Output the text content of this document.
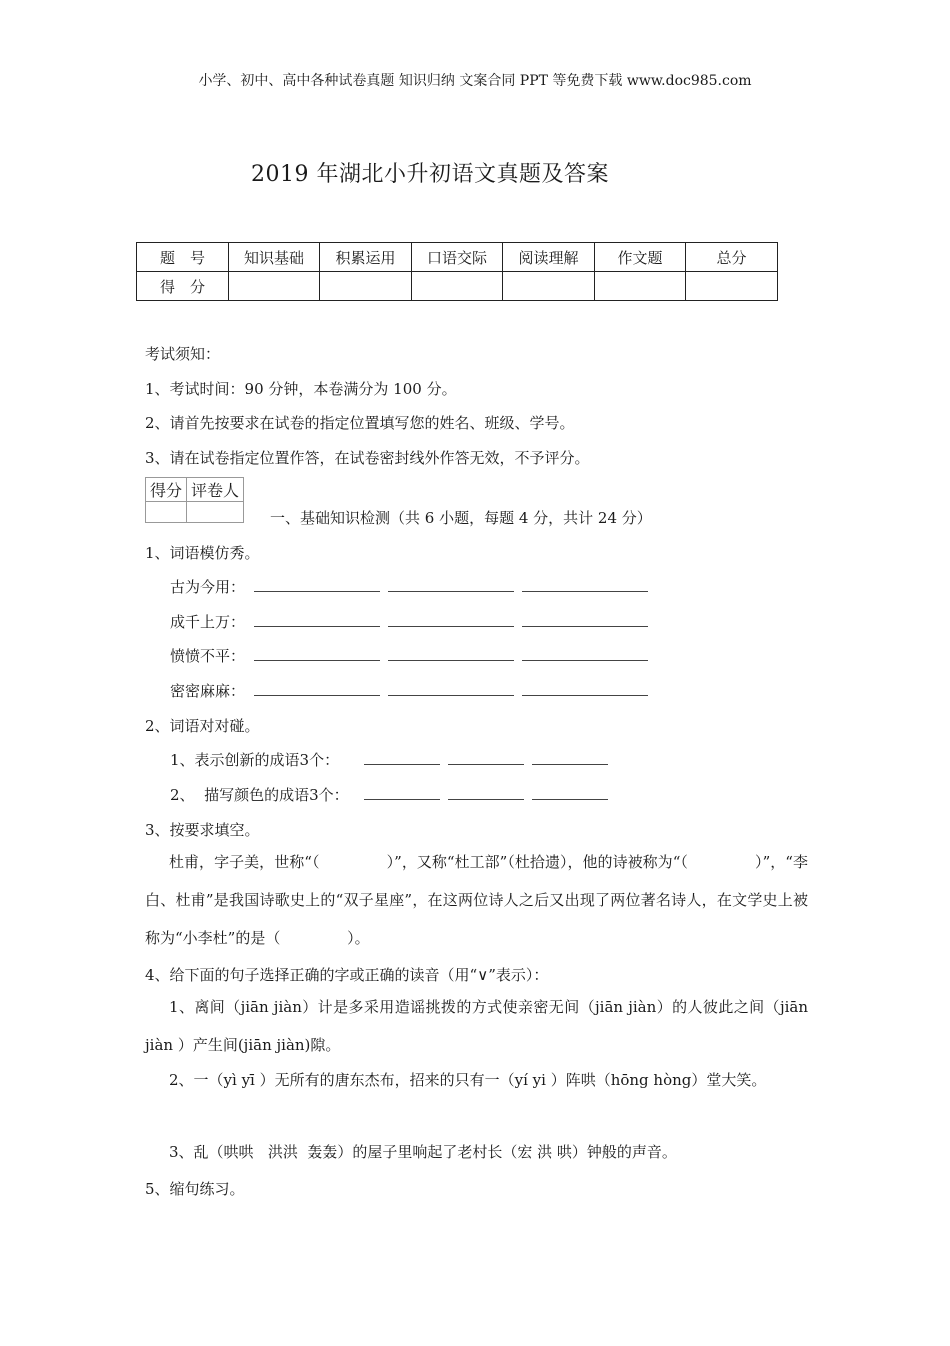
小学、初中、高中各种试卷真题 知识归纳 文案合同 PPT 等免费下载 www.doc985.com
2019 年湖北小升初语文真题及答案
题　号	知识基础	积累运用	口语交际	阅读理解	作文题	总分
得　分						
考试须知：
1、考试时间：90 分钟，本卷满分为 100 分。
2、请首先按要求在试卷的指定位置填写您的姓名、班级、学号。
3、请在试卷指定位置作答，在试卷密封线外作答无效，不予评分。
得分	评卷人

一、基础知识检测（共 6 小题，每题 4 分，共计 24 分）
1、词语模仿秀。
古为今用：
成千上万：
愤愤不平：
密密麻麻：
2、词语对对碰。
1、表示创新的成语3个：
2、  描写颜色的成语3个：
3、按要求填空。
杜甫，字子美，世称“（              ）”，又称“杜工部”（杜拾遗），他的诗被称为“（              ）”，“李白、杜甫”是我国诗歌史上的“双子星座”，在这两位诗人之后又出现了两位著名诗人，在文学史上被称为“小李杜”的是（              ）。
4、给下面的句子选择正确的字或正确的读音（用“∨”表示）：
1、离间（jiān jiàn）计是多采用造谣挑拨的方式使亲密无间（jiān jiàn）的人彼此之间（jiān jiàn ）产生间(jiān jiàn)隙。
2、一（yì yī ）无所有的唐东杰布，招来的只有一（yí yi ）阵哄（hōng hòng）堂大笑。
3、乱（哄哄   洪洪  轰轰）的屋子里响起了老村长（宏 洪 哄）钟般的声音。
5、缩句练习。
